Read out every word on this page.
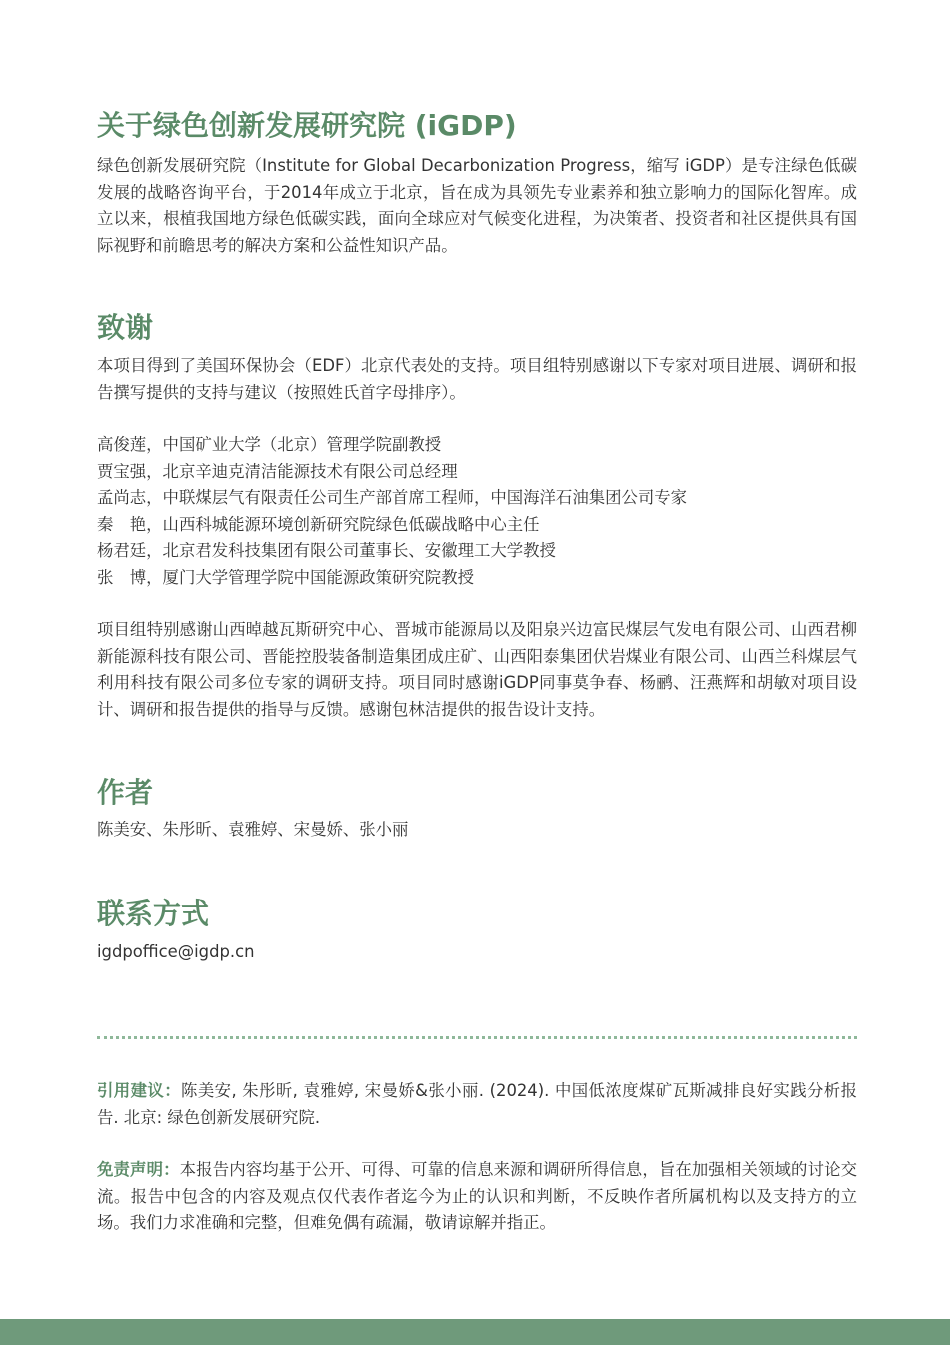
关于绿色创新发展研究院 (iGDP)

绿色创新发展研究院（Institute for Global Decarbonization Progress，缩写 iGDP）是专注绿色低碳发展的战略咨询平台，于2014年成立于北京，旨在成为具领先专业素养和独立影响力的国际化智库。成立以来，根植我国地方绿色低碳实践，面向全球应对气候变化进程，为决策者、投资者和社区提供具有国际视野和前瞻思考的解决方案和公益性知识产品。

致谢

本项目得到了美国环保协会（EDF）北京代表处的支持。项目组特别感谢以下专家对项目进展、调研和报告撰写提供的支持与建议（按照姓氏首字母排序）。

高俊莲，中国矿业大学（北京）管理学院副教授
贾宝强，北京辛迪克清洁能源技术有限公司总经理
孟尚志，中联煤层气有限责任公司生产部首席工程师，中国海洋石油集团公司专家
秦　艳，山西科城能源环境创新研究院绿色低碳战略中心主任
杨君廷，北京君发科技集团有限公司董事长、安徽理工大学教授
张　博，厦门大学管理学院中国能源政策研究院教授

项目组特别感谢山西晫越瓦斯研究中心、晋城市能源局以及阳泉兴边富民煤层气发电有限公司、山西君柳新能源科技有限公司、晋能控股装备制造集团成庄矿、山西阳泰集团伏岩煤业有限公司、山西兰科煤层气利用科技有限公司多位专家的调研支持。项目同时感谢iGDP同事莫争春、杨鹂、汪燕辉和胡敏对项目设计、调研和报告提供的指导与反馈。感谢包林洁提供的报告设计支持。

作者

陈美安、朱彤昕、袁雅婷、宋曼娇、张小丽

联系方式

igdpoffice@igdp.cn

引用建议：陈美安, 朱彤昕, 袁雅婷, 宋曼娇&张小丽. (2024). 中国低浓度煤矿瓦斯减排良好实践分析报告. 北京: 绿色创新发展研究院.

免责声明：本报告内容均基于公开、可得、可靠的信息来源和调研所得信息，旨在加强相关领域的讨论交流。报告中包含的内容及观点仅代表作者迄今为止的认识和判断，不反映作者所属机构以及支持方的立场。我们力求准确和完整，但难免偶有疏漏，敬请谅解并指正。
